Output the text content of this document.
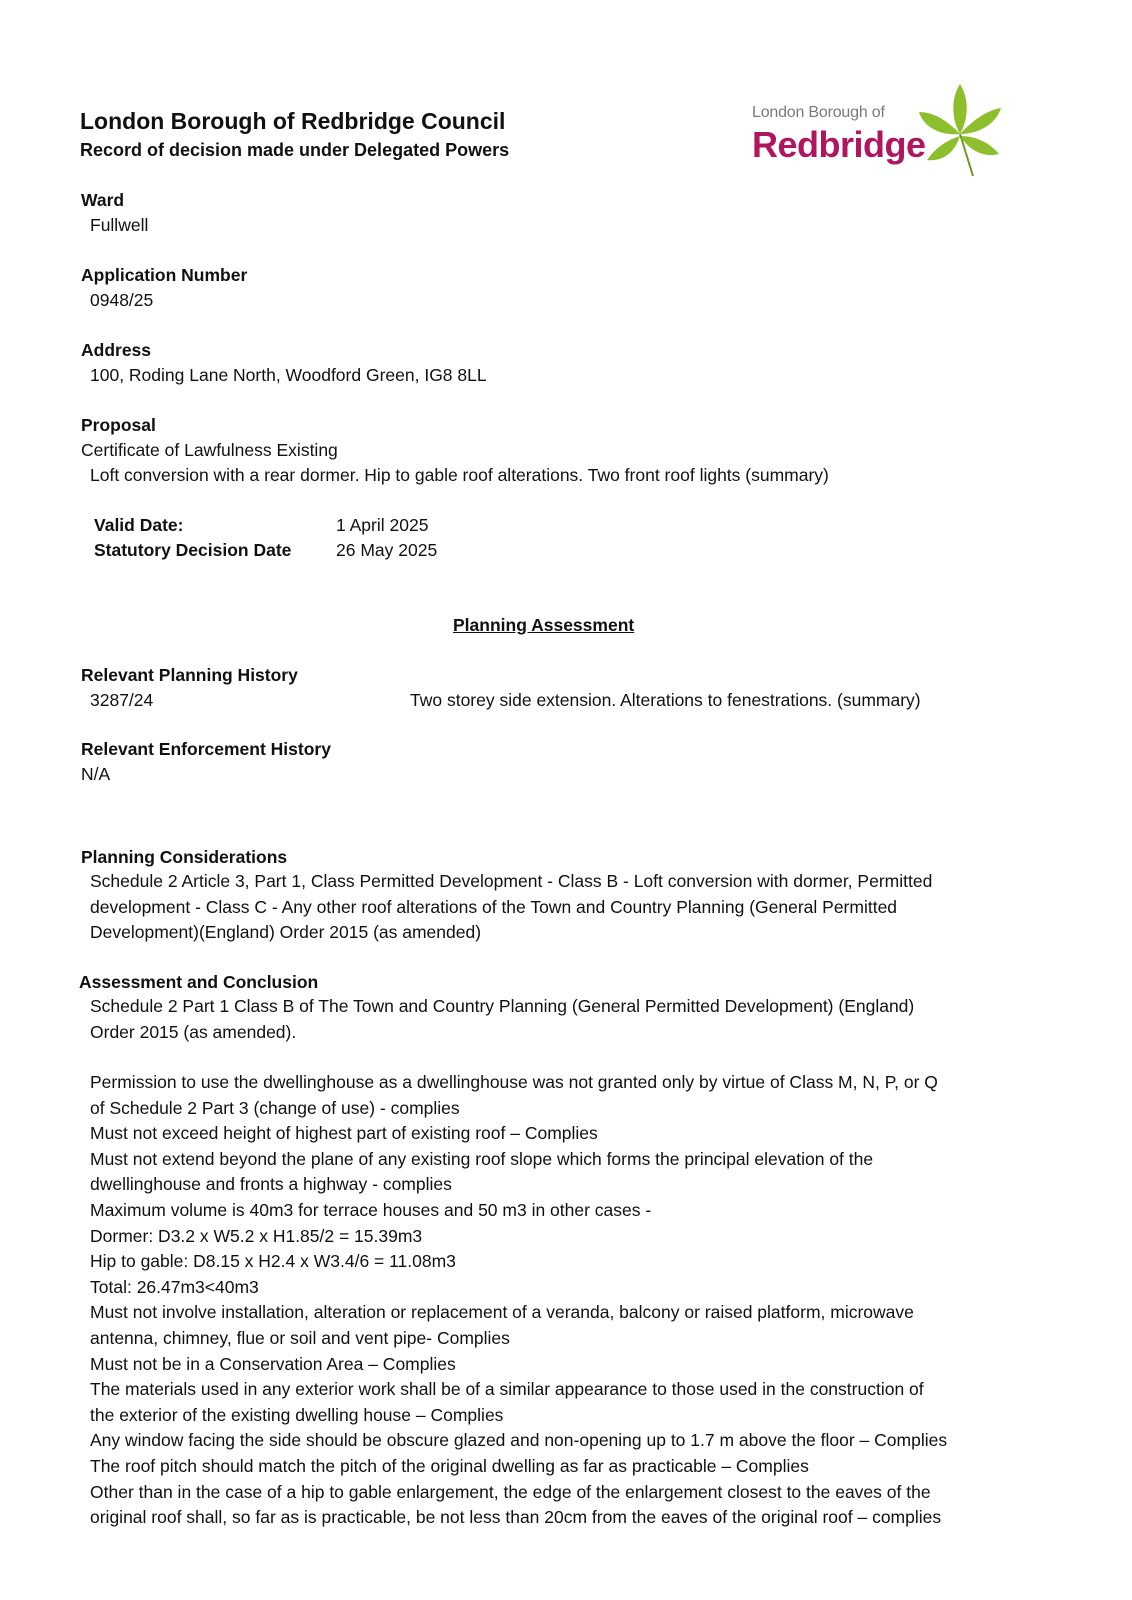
London Borough of Redbridge Council
Record of decision made under Delegated Powers
London Borough of
Redbridge
Ward
Fullwell
Application Number
0948/25
Address
100, Roding Lane North, Woodford Green, IG8 8LL
Proposal
Certificate of Lawfulness Existing
Loft conversion with a rear dormer. Hip to gable roof alterations. Two front roof lights (summary)
Valid Date:	1 April 2025
Statutory Decision Date	26 May 2025
Planning Assessment
Relevant Planning History
3287/24	Two storey side extension. Alterations to fenestrations. (summary)
Relevant Enforcement History
N/A
Planning Considerations
Schedule 2 Article 3, Part 1, Class Permitted Development - Class B - Loft conversion with dormer, Permitted
development - Class C - Any other roof alterations of the Town and Country Planning (General Permitted
Development)(England) Order 2015 (as amended)
Assessment and Conclusion
Schedule 2 Part 1 Class B of The Town and Country Planning (General Permitted Development) (England)
Order 2015 (as amended).
Permission to use the dwellinghouse as a dwellinghouse was not granted only by virtue of Class M, N, P, or Q
of Schedule 2 Part 3 (change of use) - complies
Must not exceed height of highest part of existing roof – Complies
Must not extend beyond the plane of any existing roof slope which forms the principal elevation of the
dwellinghouse and fronts a highway - complies
Maximum volume is 40m3 for terrace houses and 50 m3 in other cases -
Dormer: D3.2 x W5.2 x H1.85/2 = 15.39m3
Hip to gable: D8.15 x H2.4 x W3.4/6 = 11.08m3
Total: 26.47m3<40m3
Must not involve installation, alteration or replacement of a veranda, balcony or raised platform, microwave
antenna, chimney, flue or soil and vent pipe- Complies
Must not be in a Conservation Area – Complies
The materials used in any exterior work shall be of a similar appearance to those used in the construction of
the exterior of the existing dwelling house – Complies
Any window facing the side should be obscure glazed and non-opening up to 1.7 m above the floor – Complies
The roof pitch should match the pitch of the original dwelling as far as practicable – Complies
Other than in the case of a hip to gable enlargement, the edge of the enlargement closest to the eaves of the
original roof shall, so far as is practicable, be not less than 20cm from the eaves of the original roof – complies
